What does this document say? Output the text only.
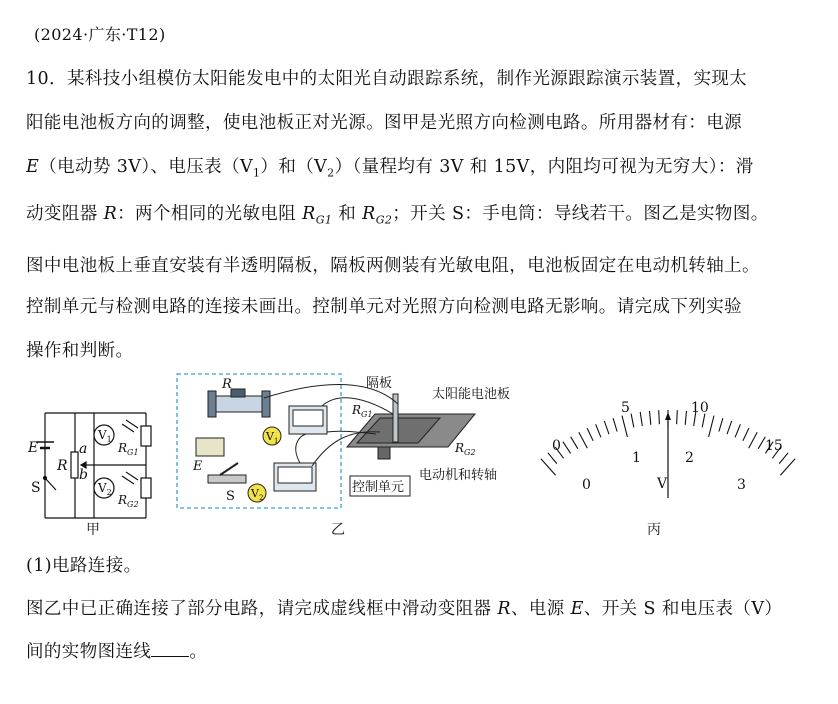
(2024·广东·T12)
10．某科技小组模仿太阳能发电中的太阳光自动跟踪系统，制作光源跟踪演示装置，实现太
阳能电池板方向的调整，使电池板正对光源。图甲是光照方向检测电路。所用器材有：电源
E（电动势 3V）、电压表$(V_1)$和$(V_2)$（量程均有 3V 和 15V，内阻均可视为无穷大）：滑
动变阻器 R：两个相同的光敏电阻 $R_{G1}$ 和 $R_{G2}$；开关 S：手电筒：导线若干。图乙是实物图。
图中电池板上垂直安装有半透明隔板，隔板两侧装有光敏电阻，电池板固定在电动机转轴上。
控制单元与检测电路的连接未画出。控制单元对光照方向检测电路无影响。请完成下列实验
操作和判断。
E
R
a
b
S
$V_1$
$V_2$
$R_{G1}$
$R_{G2}$
甲
R
E
S
$V_1$
$V_2$
隔板
太阳能电池板
$R_{G1}$
$R_{G2}$
电动机和转轴
控制单元
乙
0
5	10
15
0
1	2
3
V
丙
(1)电路连接。
图乙中已正确连接了部分电路，请完成虚线框中滑动变阻器 R、电源 E、开关 S 和电压表（V）
间的实物图连线 。
